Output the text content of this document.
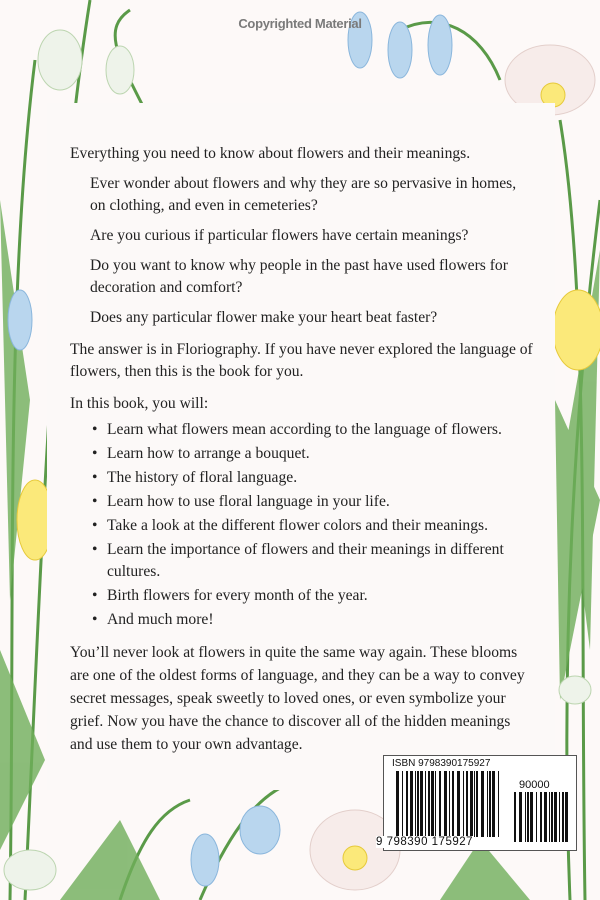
Copyrighted Material

Everything you need to know about flowers and their meanings.

Ever wonder about flowers and why they are so pervasive in homes, on clothing, and even in cemeteries?

Are you curious if particular flowers have certain meanings?

Do you want to know why people in the past have used flowers for decoration and comfort?

Does any particular flower make your heart beat faster?

The answer is in Floriography. If you have never explored the language of flowers, then this is the book for you.

In this book, you will:

• Learn what flowers mean according to the language of flowers.
• Learn how to arrange a bouquet.
• The history of floral language.
• Learn how to use floral language in your life.
• Take a look at the different flower colors and their meanings.
• Learn the importance of flowers and their meanings in different cultures.
• Birth flowers for every month of the year.
• And much more!

You’ll never look at flowers in quite the same way again. These blooms are one of the oldest forms of language, and they can be a way to convey secret messages, speak sweetly to loved ones, or even symbolize your grief. Now you have the chance to discover all of the hidden meanings and use them to your own advantage.

ISBN 9798390175927
90000
9 798390 175927
